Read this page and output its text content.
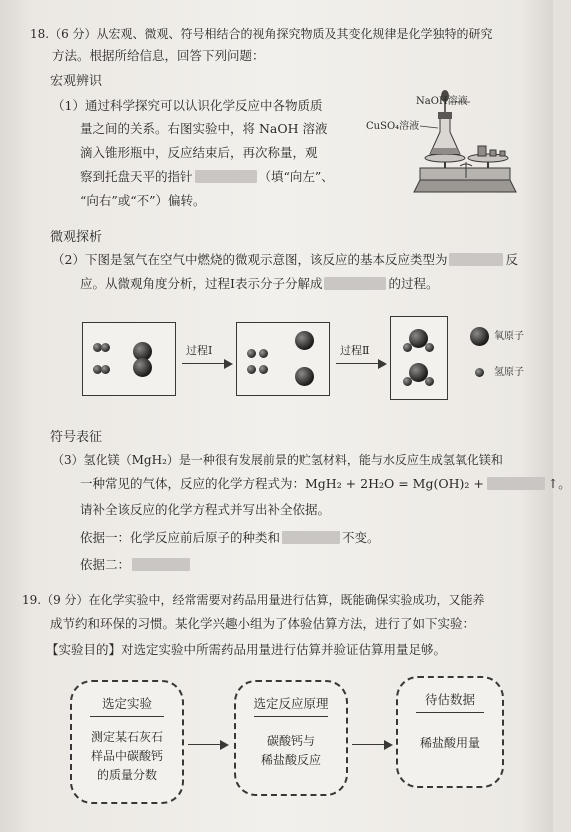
18.（6 分）从宏观、微观、符号相结合的视角探究物质及其变化规律是化学独特的研究
方法。根据所给信息，回答下列问题：
宏观辨识
（1）通过科学探究可以认识化学反应中各物质质
量之间的关系。右图实验中，将 NaOH 溶液
滴入锥形瓶中，反应结束后，再次称量，观
察到托盘天平的指针	（填“向左”、
“向右”或“不”）偏转。
NaOH溶液
CuSO₄溶液
微观探析
（2）下图是氢气在空气中燃烧的微观示意图，该反应的基本反应类型为	反
应。从微观角度分析，过程Ⅰ表示分子分解成	的过程。
过程Ⅰ	过程Ⅱ
氧原子
氢原子
符号表征
（3）氢化镁（MgH₂）是一种很有发展前景的贮氢材料，能与水反应生成氢氧化镁和
一种常见的气体，反应的化学方程式为：MgH₂ + 2H₂O = Mg(OH)₂ +	↑。
请补全该反应的化学方程式并写出补全依据。
依据一：化学反应前后原子的种类和	不变。
依据二：
19.（9 分）在化学实验中，经常需要对药品用量进行估算，既能确保实验成功，又能养
成节约和环保的习惯。某化学兴趣小组为了体验估算方法，进行了如下实验：
【实验目的】对选定实验中所需药品用量进行估算并验证估算用量足够。
选定实验
测定某石灰石
样品中碳酸钙
的质量分数
选定反应原理
碳酸钙与
稀盐酸反应
待估数据
稀盐酸用量
